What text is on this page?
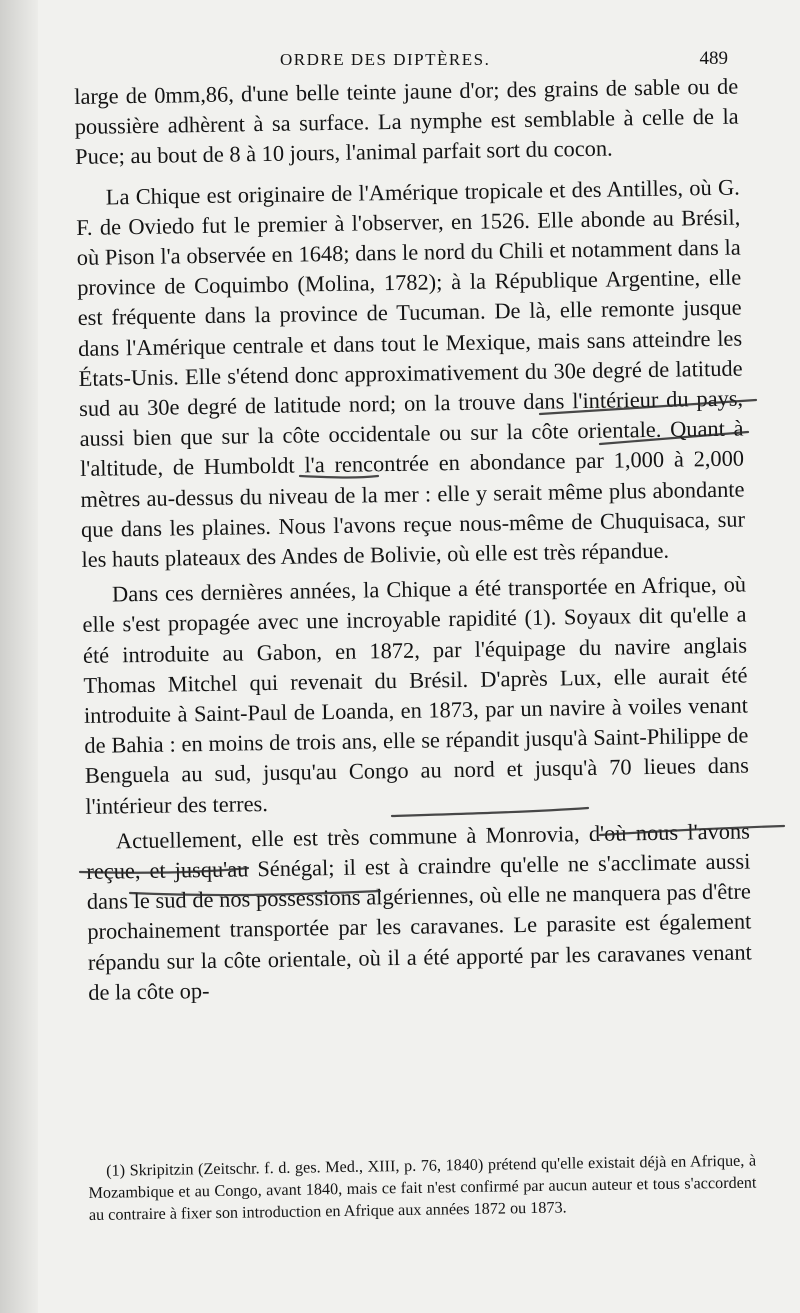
ORDRE DES DIPTÈRES.	489

large de 0mm,86, d'une belle teinte jaune d'or; des grains de sable ou de poussière adhèrent à sa surface. La nymphe est semblable à celle de la Puce; au bout de 8 à 10 jours, l'animal parfait sort du cocon.

La Chique est originaire de l'Amérique tropicale et des Antilles, où G. F. de Oviedo fut le premier à l'observer, en 1526. Elle abonde au Brésil, où Pison l'a observée en 1648; dans le nord du Chili et notamment dans la province de Coquimbo (Molina, 1782); à la République Argentine, elle est fréquente dans la province de Tucuman. De là, elle remonte jusque dans l'Amérique centrale et dans tout le Mexique, mais sans atteindre les États-Unis. Elle s'étend donc approximativement du 30e degré de latitude sud au 30e degré de latitude nord; on la trouve dans l'intérieur du pays, aussi bien que sur la côte occidentale ou sur la côte orientale. Quant à l'altitude, de Humboldt l'a rencontrée en abondance par 1,000 à 2,000 mètres au-dessus du niveau de la mer : elle y serait même plus abondante que dans les plaines. Nous l'avons reçue nous-même de Chuquisaca, sur les hauts plateaux des Andes de Bolivie, où elle est très répandue.

Dans ces dernières années, la Chique a été transportée en Afrique, où elle s'est propagée avec une incroyable rapidité (1). Soyaux dit qu'elle a été introduite au Gabon, en 1872, par l'équipage du navire anglais Thomas Mitchel qui revenait du Brésil. D'après Lux, elle aurait été introduite à Saint-Paul de Loanda, en 1873, par un navire à voiles venant de Bahia : en moins de trois ans, elle se répandit jusqu'à Saint-Philippe de Benguela au sud, jusqu'au Congo au nord et jusqu'à 70 lieues dans l'intérieur des terres.

Actuellement, elle est très commune à Monrovia, d'où nous l'avons reçue, et jusqu'au Sénégal; il est à craindre qu'elle ne s'acclimate aussi dans le sud de nos possessions algériennes, où elle ne manquera pas d'être prochainement transportée par les caravanes. Le parasite est également répandu sur la côte orientale, où il a été apporté par les caravanes venant de la côte op-

(1) Skripitzin (Zeitschr. f. d. ges. Med., XIII, p. 76, 1840) prétend qu'elle existait déjà en Afrique, à Mozambique et au Congo, avant 1840, mais ce fait n'est confirmé par aucun auteur et tous s'accordent au contraire à fixer son introduction en Afrique aux années 1872 ou 1873.
